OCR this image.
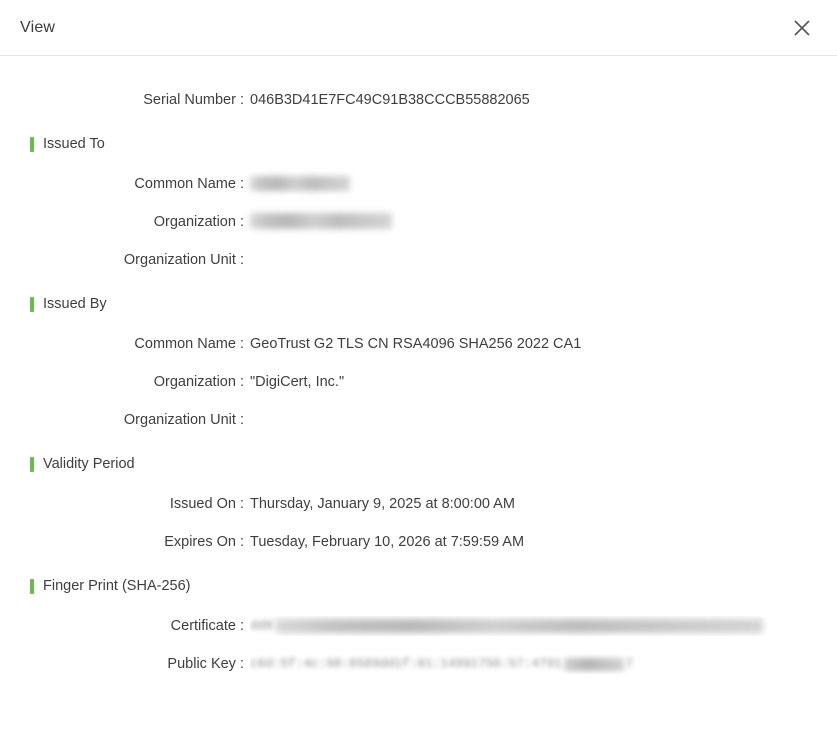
View
Serial Number : 046B3D41E7FC49C91B38CCCB55882065
Issued To
Common Name :
Organization :
Organization Unit :
Issued By
Common Name : GeoTrust G2 TLS CN RSA4096 SHA256 2022 CA1
Organization : "DigiCert, Inc."
Organization Unit :
Validity Period
Issued On : Thursday, January 9, 2025 at 8:00:00 AM
Expires On : Tuesday, February 10, 2026 at 7:59:59 AM
Finger Print (SHA-256)
Certificate : dd8
Public Key : c6d:5f:4c:98:6589dd1f:81:14991756:57:4791	7
